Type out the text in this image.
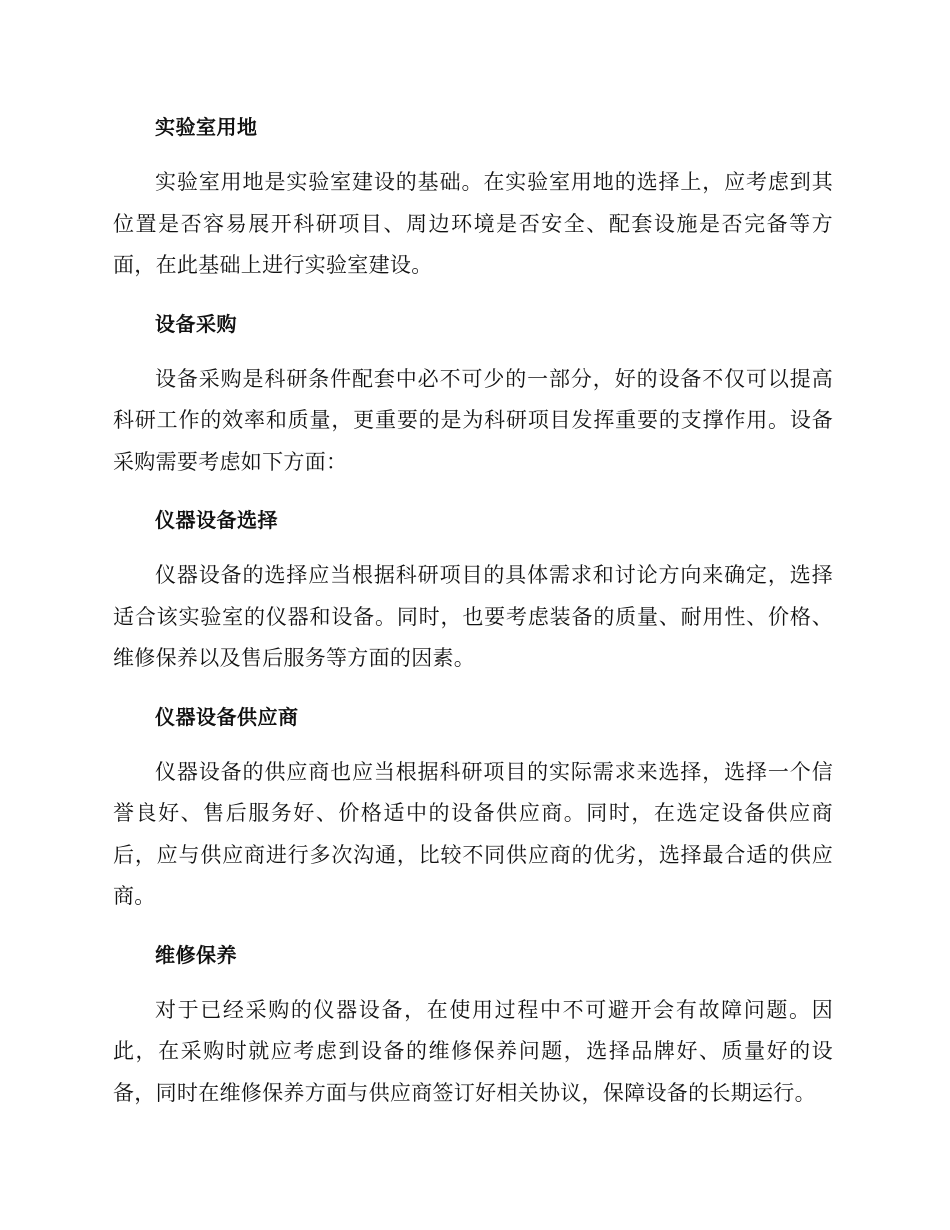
实验室用地

实验室用地是实验室建设的基础。在实验室用地的选择上，应考虑到其位置是否容易展开科研项目、周边环境是否安全、配套设施是否完备等方面，在此基础上进行实验室建设。

设备采购

设备采购是科研条件配套中必不可少的一部分，好的设备不仅可以提高科研工作的效率和质量，更重要的是为科研项目发挥重要的支撑作用。设备采购需要考虑如下方面：

仪器设备选择

仪器设备的选择应当根据科研项目的具体需求和讨论方向来确定，选择适合该实验室的仪器和设备。同时，也要考虑装备的质量、耐用性、价格、维修保养以及售后服务等方面的因素。

仪器设备供应商

仪器设备的供应商也应当根据科研项目的实际需求来选择，选择一个信誉良好、售后服务好、价格适中的设备供应商。同时，在选定设备供应商后，应与供应商进行多次沟通，比较不同供应商的优劣，选择最合适的供应商。

维修保养

对于已经采购的仪器设备，在使用过程中不可避开会有故障问题。因此，在采购时就应考虑到设备的维修保养问题，选择品牌好、质量好的设备，同时在维修保养方面与供应商签订好相关协议，保障设备的长期运行。
